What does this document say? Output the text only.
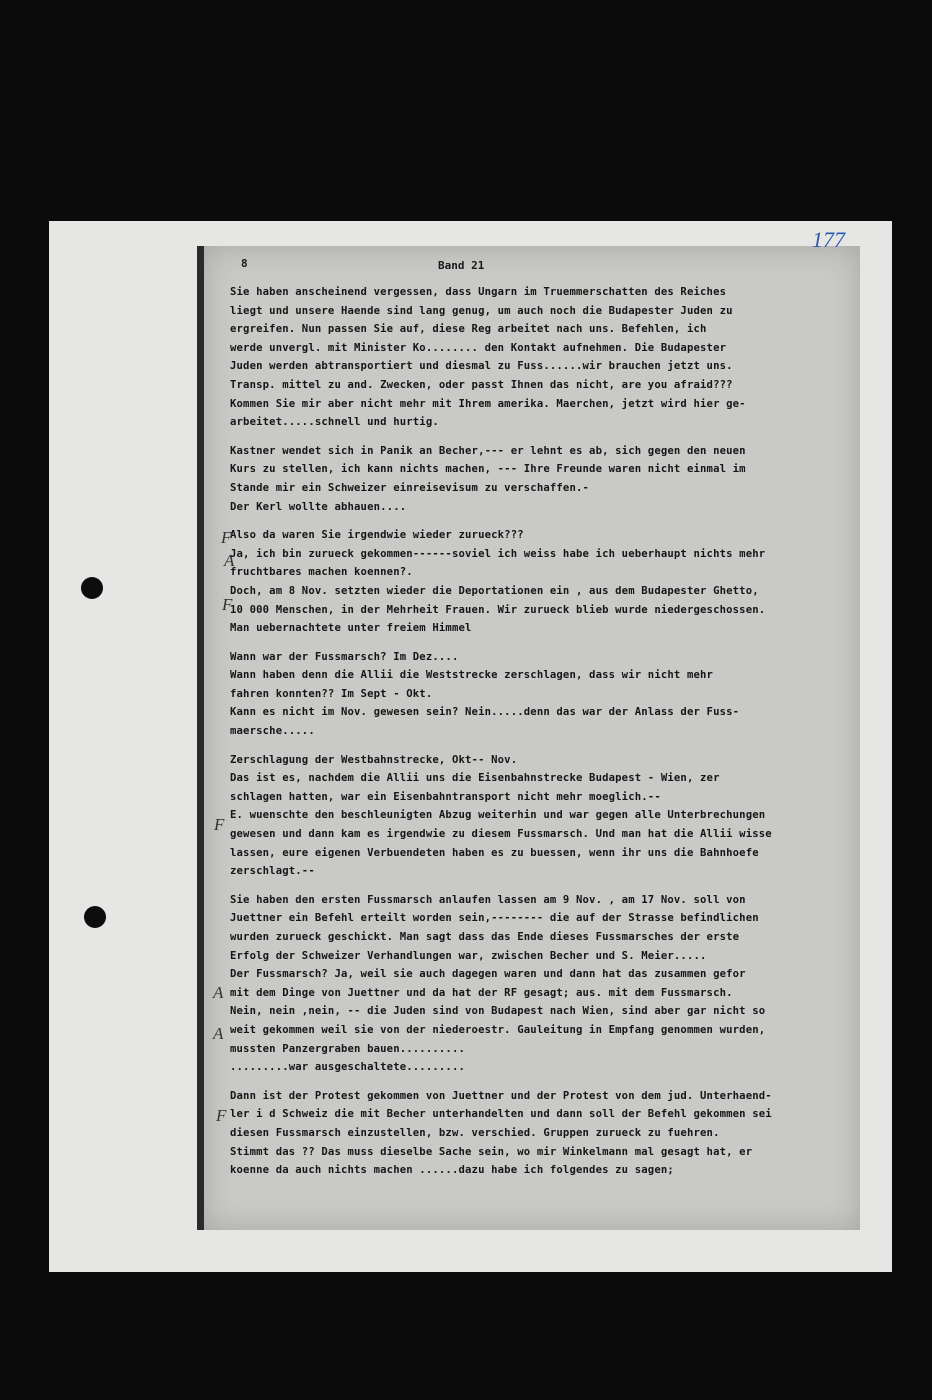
177
8	Band 21
F
A
F
F
A
A
F
Sie haben anscheinend vergessen, dass Ungarn im Truemmerschatten des Reiches
liegt und unsere Haende sind lang genug, um auch noch die Budapester Juden zu
ergreifen. Nun passen Sie auf, diese Reg arbeitet nach uns. Befehlen, ich
werde unvergl. mit Minister Ko........ den Kontakt aufnehmen. Die Budapester
Juden werden abtransportiert und diesmal zu Fuss......wir brauchen jetzt uns.
Transp. mittel zu and. Zwecken, oder passt Ihnen das nicht, are you afraid???
Kommen Sie mir aber nicht mehr mit Ihrem amerika. Maerchen, jetzt wird hier ge-
arbeitet.....schnell und hurtig.
Kastner wendet sich in Panik an Becher,--- er lehnt es ab, sich gegen den neuen
Kurs zu stellen, ich kann nichts machen, --- Ihre Freunde waren nicht einmal im
Stande mir ein Schweizer einreisevisum zu verschaffen.-
Der Kerl wollte abhauen....
Also da waren Sie irgendwie wieder zurueck???
Ja, ich bin zurueck gekommen------soviel ich weiss habe ich ueberhaupt nichts mehr
fruchtbares machen koennen?.
Doch, am 8 Nov. setzten wieder die Deportationen ein , aus dem Budapester Ghetto,
10 000 Menschen, in der Mehrheit Frauen. Wir zurueck blieb wurde niedergeschossen.
Man uebernachtete unter freiem Himmel
Wann war der Fussmarsch? Im Dez....
Wann haben denn die Allii die Weststrecke zerschlagen, dass wir nicht mehr
fahren konnten?? Im Sept - Okt.
Kann es nicht im Nov. gewesen sein? Nein.....denn das war der Anlass der Fuss-
maersche.....
Zerschlagung der Westbahnstrecke, Okt-- Nov.
Das ist es, nachdem die Allii uns die Eisenbahnstrecke Budapest - Wien, zer
schlagen hatten, war ein Eisenbahntransport nicht mehr moeglich.--
E. wuenschte den beschleunigten Abzug weiterhin und war gegen alle Unterbrechungen
gewesen und dann kam es irgendwie zu diesem Fussmarsch. Und man hat die Allii wisse
lassen, eure eigenen Verbuendeten haben es zu buessen, wenn ihr uns die Bahnhoefe
zerschlagt.--
Sie haben den ersten Fussmarsch anlaufen lassen am 9 Nov. , am 17 Nov. soll von
Juettner ein Befehl erteilt worden sein,-------- die auf der Strasse befindlichen
wurden zurueck geschickt. Man sagt dass das Ende dieses Fussmarsches der erste
Erfolg der Schweizer Verhandlungen war, zwischen Becher und S. Meier.....
Der Fussmarsch? Ja, weil sie auch dagegen waren und dann hat das zusammen gefor
mit dem Dinge von Juettner und da hat der RF gesagt; aus. mit dem Fussmarsch.
Nein, nein ,nein, -- die Juden sind von Budapest nach Wien, sind aber gar nicht so
weit gekommen weil sie von der niederoestr. Gauleitung in Empfang genommen wurden,
mussten Panzergraben bauen..........
.........war ausgeschaltete.........
Dann ist der Protest gekommen von Juettner und der Protest von dem jud. Unterhaend-
ler i d Schweiz die mit Becher unterhandelten und dann soll der Befehl gekommen sei
diesen Fussmarsch einzustellen, bzw. verschied. Gruppen zurueck zu fuehren.
Stimmt das ?? Das muss dieselbe Sache sein, wo mir Winkelmann mal gesagt hat, er
koenne da auch nichts machen ......dazu habe ich folgendes zu sagen;
